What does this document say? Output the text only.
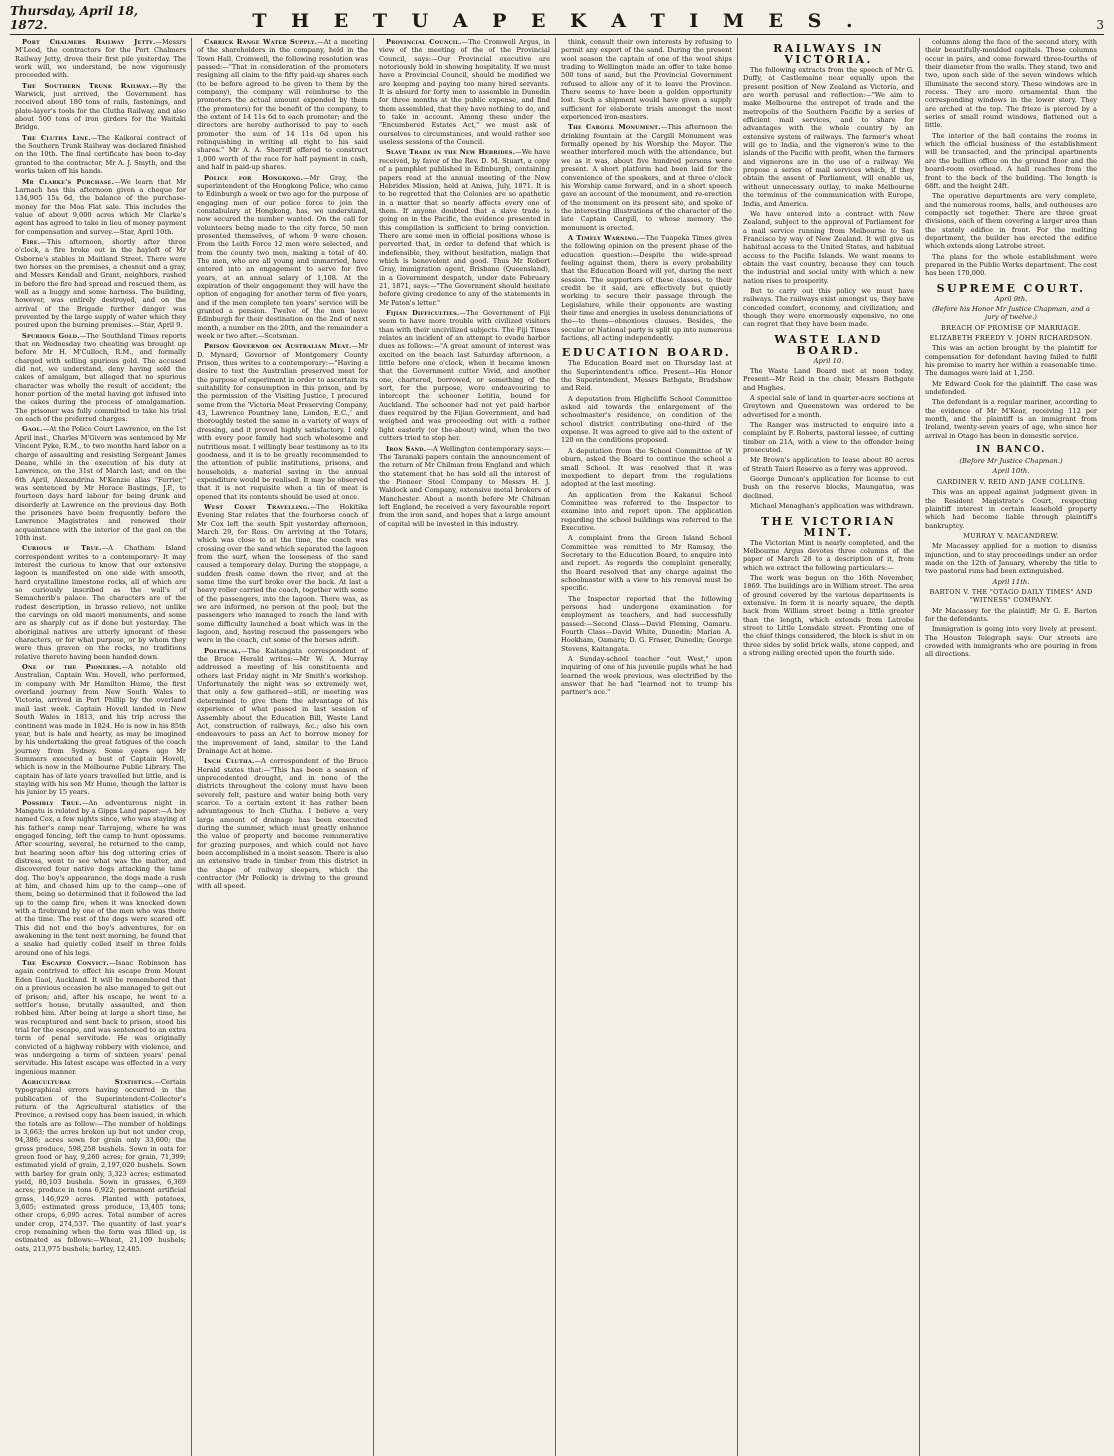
Thursday, April 18, 1872.	T H E T U A P E K A T I M E S .	3

Port Chalmers Railway Jetty.—Messrs M'Leod, the contractors for the Port Chalmers Railway Jetty, drove their first pile yesterday. The work will, we understand, be now vigorously proceeded with.

The Southern Trunk Railway.—By the Warwick, just arrived, the Government has received about 180 tons of rails, fastenings, and plate-layer's tools for the Clutha Railway, and also about 500 tons of iron girders for the Waitaki Bridge.

The Clutha Line.—The Kaikorai contract of the Southern Trunk Railway was declared finished on the 10th. The final certificate has been to-day granted to the contractor, Mr A. J. Smyth, and the works taken off his hands.

Mr Clarke's Purchase.—We learn that Mr Larnach has this afternoon given a cheque for 134,905 15s 6d, the balance of the purchase-money for the Moa Flat sale. This includes the value of about 9,000 acres which Mr Clarke's agent has agreed to take in lieu of money payment for compensation and survey.—Star, April 10th.

Fire.—This afternoon, shortly after three o'clock, a fire broke out in the hayloft of Mr Osborne's stables in Maitland Street. There were two horses on the premises, a chesnut and a gray, and Messrs Kendall and Grant, neighbors, rushed in before the fire had spread and rescued them, as well as a buggy and some harness. The building, however, was entirely destroyed, and on the arrival of the Brigade further danger was prevented by the large supply of water which they poured upon the burning premises.—Star, April 9.

Spurious Gold.—The Southland Times reports that on Wednesday two cheating was brought up before Mr H. M'Culloch, R.M., and formally charged with selling spurious gold. The accused did not, we understand, deny having sold the cakes of amalgam, but alleged that no spurious character was wholly the result of accident; the honor portion of the metal having got infused into the cakes during the process of amalgamation. The prisoner was fully committed to take his trial on each of the preferred charges.

Gaol.—At the Police Court Lawrence, on the 1st April inst., Charles M'Givern was sentenced by Mr Vincent Pyke, R.M., to two months hard labor on a charge of assaulting and resisting Sergeant James Deane, while in the execution of his duty at Lawrence, on the 31st of March last; and on the 6th April, Alexandrina M'Kenzie alias "Ferrier," was sentenced by Mr Horace Bastings, J.P., to fourteen days hard labour for being drunk and disorderly at Lawrence on the previous day. Both the prisoners have been frequently before the Lawrence Magistrates and renewed their acquaintance with the interior of the gaol on the 10th inst.

Curious if True.—A Chatham Island correspondent writes to a contemporary: It may interest the curious to know that our extensive lagoon is manifested on one side with smooth, hard crystalline limestone rocks, all of which are so curiously inscribed as the wall's of Semacherib's palace. The characters are of the rudest description, in brasso relievo, not unlike the carvings on old maori monuments, and some are as sharply cut as if done but yesterday. The aboriginal natives are utterly ignorant of these characters, or for what purpose, or by whom they were thus graven on the rocks, no traditions relative thereto having been handed down.

One of the Pioneers.—A notable old Australian, Captain Wm. Hovell, who performed, in company with Mr Hamilton Hume, the first overland journey from New South Wales to Victoria, arrived in Port Phillip by the overland mail last week. Captain Hovell landed in New South Wales in 1813, and his trip across the continent was made in 1824. He is now in his 85th year, but is hale and hearty, as may be imagined by his undertaking the great fatigues of the coach journey from Sydney. Some years ago Mr Summers executed a bust of Captain Hovell, which is now in the Melbourne Public Library. The captain has of late years travelled but little, and is staying with his son Mr Hume, though the latter is his junior by 15 years.

Possibly True.—An adventurous night in Mangatu is related by a Gipps Land paper:—A boy named Cox, a few nights since, who was staying at his father's camp near Tarrajong, where he was engaged fencing, left the camp to hunt opossums. After scouring, several, he returned to the camp, but hearing soon after his dog uttering cries of distress, went to see what was the matter, and discovered four native dogs attacking the tame dog. The boy's appearance, the dogs made a rush at him, and chased him up to the camp—one of them, being so determined that it followed the lad up to the camp fire, when it was knocked down with a firebrand by one of the men who was there at the time. The rest of the dogs were scared off. This did not end the boy's adventures, for on awakening in the tent next morning, he found that a snake had quietly coiled itself in three folds around one of his legs.

The Escaped Convict.—Isaac Robinson has again contrived to effect his escape from Mount Eden Gaol, Auckland. It will be remembered that on a previous occasion he also managed to get out of prison; and, after his escape, he went to a settler's house, brutally assaulted, and then robbed him. After being at large a short time, he was recaptured and sent back to prison, stood his trial for the escape, and was sentenced to an extra term of penal servitude. He was originally convicted of a highway robbery with violence, and was undergoing a term of sixteen years' penal servitude. His latest escape was effected in a very ingenious manner.

Agricultural Statistics.—Certain typographical errors having occurred in the publication of the Superintendent-Collector's return of the Agricultural statistics of the Province, a revised copy has been issued, in which the totals are as follow:—The number of holdings is 3,663; the acres broken up but not under crop, 94,386; acres sown for grain only 33,600; the gross produce, 598,258 bushels. Sown in oats for green food or hay, 9,260 acres; for grain, 71,399; estimated yield of grain, 2,197,020 bushels. Sown with barley for grain only, 3,323 acres; estimated yield, 80,103 bushels. Sown in grasses, 6,369 acres; produce in tons 6,922; permanent artificial grass, 146,929 acres. Planted with potatoes, 3,605; estimated gross produce, 13,405 tons; other crops, 6,095 acres. Total number of acres under crop, 274,537. The quantity of last year's crop remaining when the form was filled up, is estimated as follows:—Wheat, 21,109 bushels; oats, 213,975 bushels; barley, 12,485.

Carrick Range Water Supply.—At a meeting of the shareholders in the company, held in the Town Hall, Cromwell, the following resolution was passed:—"That in consideration of the promoters resigning all claim to the fifty paid-up shares each (to be before agreed to be given to them by the company), the company will reimburse to the promoters the actual amount expended by them (the promoters) for the benefit of the company, to the extent of 14 11s 6d to each promoter; and the directors are hereby authorised to pay to each promoter the sum of 14 11s 6d upon his relinquishing in writing all right to his said shares." Mr A. A. Sherriff offered to construct 1,000 worth of the race for half payment in cash, and half in paid-up shares.

Police for Hongkong.—Mr Gray, the superintendent of the Hongkong Police, who came to Edinburgh a week or two ago for the purpose of engaging men of our police force to join the constabulary at Hongkong, has, we understand, now secured the number wanted. On the call for volunteers being made to the city force, 50 men presented themselves, of whom 9 were chosen. From the Leith Force 12 men were selected, and from the county two men, making a total of 40. The men, who are all young and unmarried, have entered into an engagement to serve for five years, at an annual salary of 1,108. At the expiration of their engagement they will have the option of engaging for another term of five years, and if the men complete ten years' service will be granted a pension. Twelve of the men leave Edinburgh for their destination on the 2nd of next month, a number on the 20th, and the remainder a week or two after.—Scotsman.

Prison Governor on Australian Meat.—Mr D. Mynard, Governor of Montgomery County Prison, thus writes to a contemporary:—"Having a desire to test the Australian preserved meat for the purpose of experiment in order to ascertain its suitability for consumption in this prison, and by the permission of the Visiting Justice, I procured some from the 'Victoria Meat Preserving Company, 43, Lawrence Pountney lane, London, E.C.,' and thoroughly tested the same in a variety of ways of dressing, and it proved highly satisfactory. I only with every poor family had such wholesome and nutritious meat. I willingly bear testimony as to its goodness, and it is to be greatly recommended to the attention of public institutions, prisons, and households, a material saving in the annual expenditure would be realised. It may be observed that it is not requisite when a tin of meat is opened that its contents should be used at once.

West Coast Travelling.—The Hokitika Evening Star relates that the fourhorse coach of Mr Cox left the south Spit yesterday afternoon, March 29, for Ross. On arriving at the Totara, which was close to at the time, the coach was crossing over the sand which separated the lagoon from the surf, when the looseness of the sand caused a temporary delay. During the stoppage, a sudden fresh came down the river, and at the same time the surf broke over the back. At last a heavy roller carried the coach, together with some of the passengers, into the lagoon. There was, as we are informed, no person at the pool; but the passengers who managed to reach the land with some difficulty launched a boat which was in the lagoon, and, having rescued the passengers who were in the coach, cut some of the horses adrift.

Political.—The Kaitangata correspondent of the Bruce Herald writes:—Mr W. A. Murray addressed a meeting of his constituents and others last Friday night in Mr Smith's workshop. Unfortunately the night was so extremely wet, that only a few gathered—still, or meeting was determined to give them the advantage of his experience of what passed in last session of Assembly about the Education Bill, Waste Land Act, construction of railways, &c.; also his own endeavours to pass an Act to borrow money for the improvement of land, similar to the Land Drainage Act at home.

Inch Clutha.—A correspondent of the Bruce Herald states that:—"This has been a season of unprecedented drought, and in none of the districts throughout the colony must have been severely felt, pasture and water being both very scarce. To a certain extent it has rather been advantageous to Inch Clutha. I believe a very large amount of drainage has been executed during the summer, which must greatly enhance the value of property and become remunerative for grazing purposes, and which could not have been accomplished in a moist season. There is also an extensive trade in timber from this district in the shape of railway sleepers, which the contractor (Mr Pollock) is driving to the ground with all speed.

Provincial Council.—The Cromwell Argus, in view of the meeting of the of the Provincial Council, says:—Our Provincial executive are notoriously bold in showing hospitality. If we must have a Provincial Council, should be modified we are keeping and paying too many hired servants. It is absurd for forty men to assemble in Dunedin for three months at the public expense, and find them assembled, that they have nothing to do, and to take in account. Among these under the "Encumbered Estates Act," we must ask of ourselves to circumstances, and would rather see useless sessions of the Council.

Slave Trade in the New Hebrides.—We have received, by favor of the Rev. D. M. Stuart, a copy of a pamphlet published in Edinburgh, containing papers read at the annual meeting of the New Hebrides Mission, held at Aniwa, July, 1871. It is to be regretted that the Colonies are so apathetic in a matter that so nearly affects every one of them. If anyone doubted that a slave trade is going on in the Pacific, the evidence presented in this compilation is sufficient to bring conviction. There are some men in official positions whose is perverted that, in order to defend that which is indefensible, they, without hesitation, malign that which is benevolent and good. Thus Mr Robert Gray, immigration agent, Brisbane (Queensland), in a Government despatch, under date February 21, 1871, says:—"The Government should hesitate before giving credence to any of the statements in Mr Paton's letter."

Fijian Difficulties.—The Government of Fiji seem to have more trouble with civilized visitors than with their uncivilized subjects. The Fiji Times relates an incident of an attempt to evade harbor dues as follows:—"A great amount of interest was excited on the beach last Saturday afternoon, a little before one o'clock, when it became known that the Government cutter Vivid, and another one, chartered, borrowed, or something of the sort, for the purpose, were endeavouring to intercept the schooner Letitia, bound for Auckland. The schooner had not yet paid harbor dues required by the Fijian Government, and had weighed and was proceeding out with a rather light easterly (or the-about) wind, when the two cutters tried to stop her.

Iron Sand.—A Wellington contemporary says:—The Taranaki papers contain the announcement of the return of Mr Chilman from England and which the statement that he has sold all the interest of the Pioneer Steel Company to Messrs H. J. Waldock and Company, extensive metal brokers of Manchester. About a month before Mr Chilman left England, he received a very favourable report from the iron sand, and hopes that a large amount of capital will be invested in this industry.

think, consult their own interests by refusing to permit any export of the sand. During the present wool season the captain of one of the wool ships trading to Wellington made an offer to take home 500 tons of sand, but the Provincial Government refused to allow any of it to leave the Province. There seems to have been a golden opportunity lost. Such a shipment would have given a supply sufficient for elaborate trials amongst the most experienced iron-masters.

The Cargill Monument.—This afternoon the drinking fountain at the Cargill Monument was formally opened by his Worship the Mayor. The weather interfered much with the attendance, but we as it was, about five hundred persons were present. A short platform had been laid for the convenience of the speakers, and at three o'clock his Worship came forward, and in a short speech gave an account of the monument, and re-erection of the monument on its present site, and spoke of the interesting illustrations of the character of the late Captain Cargill, to whose memory the monument is erected.

A Timely Warning.—The Tuapeka Times gives the following opinion on the present phase of the education question:—Despite the wide-spread feeling against them, there is every probability that the Education Board will yet, during the next session. The supporters of these classes, to their credit be it said, are effectively but quietly working to secure their passage through the Legislature, while their opponents are wasting their time and energies in useless denunciations of the—to them—obnoxious clauses. Besides, the secular or National party is split up into numerous factions, all acting independently.

EDUCATION BOARD.

The Education Board met on Thursday last at the Superintendent's office. Present—His Honor the Superintendent, Messrs Bathgate, Bradshaw and Reid.

A deputation from Highcliffe School Committee asked aid towards the enlargement of the schoolmaster's residence, on condition of the school district contributing one-third of the expense. It was agreed to give aid to the extent of 120 on the conditions proposed.

A deputation from the School Committee of W oburn, asked the Board to continue the school a small School. It was resolved that it was inexpedient to depart from the regulations adopted at the last meeting.

An application from the Kakanui School Committee was referred to the Inspector to examine into and report upon. The application regarding the school buildings was referred to the Executive.

A complaint from the Green Island School Committee was remitted to Mr Ramsay, the Secretary to the Education Board, to enquire into and report. As regards the complaint generally, the Board resolved that any charge against the schoolmaster with a view to his removal must be specific.

The Inspector reported that the following persons had undergone examination for employment as teachers, and had successfully passed:—Second Class—David Fleming, Oamaru. Fourth Class—David White, Dunedin; Marian A. Hookham, Oamaru; D. G. Fraser, Dunedin; George Stevens, Kaitangata.

A Sunday-school teacher "out West," upon inquiring of one of his juvenile pupils what he had learned the week previous, was electrified by the answer that he had "learned not to trump his partner's ace."

RAILWAYS IN VICTORIA.

The following extracts from the speech of Mr G. Duffy, at Castlemaine near equally upon the present position of New Zealand as Victoria, and are worth perusal and reflection:—"We aim to make Melbourne the entrepot of trade and the metropolis of the Southern Pacific by a series of efficient mail services, and to share for advantages with the whole country by an extensive system of railways. The farmer's wheat will go to India, and the vigneron's wine to the islands of the Pacific with profit, when the farmers and vignerons are in the use of a railway. We propose a series of mail services which, if they obtain the assent of Parliament, will enable us, without unnecessary outlay, to make Melbourne the terminus of the communication with Europe, India, and America.

We have entered into a contract with New Zealand, subject to the approval of Parliament for a mail service running from Melbourne to San Francisco by way of New Zealand. It will give us habitual access to the United States, and habitual access to the Pacific Islands. We want means to obtain the vast country, because they can touch the industrial and social unity with which a new nation rises to prosperity.

But to carry out this policy we must have railways. The railways exist amongst us, they have conceded comfort, economy, and civilization; and though they were enormously expensive, no one can regret that they have been made.

WASTE LAND BOARD.
April 10.

The Waste Land Board met at noon today. Present—Mr Reid in the chair, Messrs Bathgate and Hughes.

A special sale of land in quarter-acre sections at Greytown and Queenstown was ordered to be advertised for a month.

The Ranger was instructed to enquire into a complaint by F. Roberts, pastoral lessee, of cutting timber on 21A, with a view to the offender being prosecuted.

Mr Brown's application to lease about 80 acres of Strath Taieri Reserve as a ferry was approved.

George Duncan's application for license to cut bush on the reserve blocks, Maungatua, was declined.

Michael Menaghan's application was withdrawn.

THE VICTORIAN MINT.

The Victorian Mint is nearly completed, and the Melbourne Argus devotes three columns of the paper of March 28 to a description of it, from which we extract the following particulars:—

The work was begun on the 16th November, 1869. The buildings are in William street. The area of ground covered by the various departments is extensive. In form it is nearly square, the depth back from William street being a little greater than the length, which extends from Latrobe street to Little Lonsdale street. Fronting one of the chief things considered, the block is shut in on three sides by solid brick walls, stone capped, and a strong railing erected upon the fourth side.

columns along the face of the second story, with their beautifully-moulded capitals. These columns occur in pairs, and come forward three-fourths of their diameter from the walls. They stand, two and two, upon each side of the seven windows which illuminate the second story. These windows are in recess. They are more ornamental than the corresponding windows in the lower story. They are arched at the top. The frieze is pierced by a series of small round windows, flattened out a little.

The interior of the hall contains the rooms in which the official business of the establishment will be transacted, and the principal apartments are the bullion office on the ground floor and the board-room overhead. A hall reaches from the front to the back of the building. The length is 68ft. and the height 24ft.

The operative departments are very complete, and the numerous rooms, halls, and outhouses are compactly set together. There are three great divisions, each of them covering a larger area than the stately edifice in front. For the melting department, the builder has erected the edifice which extends along Latrobe street.

The plans for the whole establishment were prepared in the Public Works department. The cost has been 170,000.

SUPREME COURT.
April 9th.
(Before his Honor Mr Justice Chapman, and a jury of twelve.)
BREACH OF PROMISE OF MARRIAGE.
ELIZABETH FREEDY V. JOHN RICHARDSON.

This was an action brought by the plaintiff for compensation for defendant having failed to fulfil his promise to marry her within a reasonable time. The damages were laid at 1,250.

Mr Edward Cook for the plaintiff. The case was undefended.

The defendant is a regular mariner, according to the evidence of Mr M'Kear, receiving 112 per month, and the plaintiff is an immigrant from Ireland, twenty-seven years of age, who since her arrival in Otago has been in domestic service.

IN BANCO.
(Before Mr Justice Chapman.)
April 10th.
GARDINER V. REID AND JANE COLLINS.

This was an appeal against judgment given in the Resident Magistrate's Court, respecting plaintiff interest in certain leasehold property which had become liable through plaintiff's bankruptcy.

MURRAY V. MACANDREW.

Mr Macassey applied for a motion to dismiss injunction, and to stay proceedings under an order made on the 12th of January, whereby the title to two pastoral runs had been extinguished.

April 11th.
BARTON V. THE "OTAGO DAILY TIMES" AND "WITNESS" COMPANY.

Mr Macassey for the plaintiff; Mr G. E. Barton for the defendants.

Immigration is going into very lively at present. The Houston Telegraph says: Our streets are crowded with immigrants who are pouring in from all directions.
